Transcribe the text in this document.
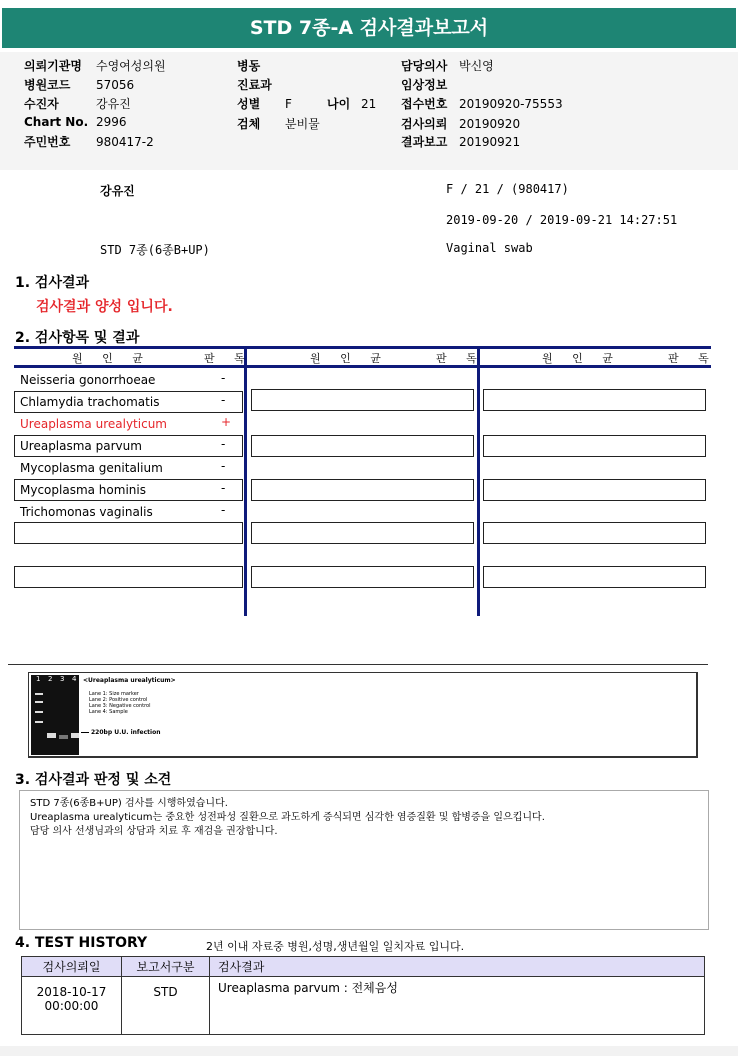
STD 7종-A 검사결과보고서
의뢰기관명 수영여성의원
병원코드 57056
수진자	강유진
Chart No. 2996
주민번호 980417-2
병동
진료과
성별 F	나이 21
검체 분비물
담당의사 박신영
임상정보
접수번호 20190920-75553
검사의뢰 20190920
결과보고 20190921
강유진	F / 21 / (980417)
2019-09-20 / 2019-09-21 14:27:51
STD 7종(6종B+UP)	Vaginal swab
1. 검사결과
검사결과 양성 입니다.
2. 검사항목 및 결과
원 인 균	판 독	원 인 균	판 독	원 인 균	판 독
Neisseria gonorrhoeae	-
Chlamydia trachomatis	-
Ureaplasma urealyticum	+
Ureaplasma parvum	-
Mycoplasma genitalium	-
Mycoplasma hominis	-
Trichomonas vaginalis	-
1 2 3 4 <Ureaplasma urealyticum>
Lane 1: Size marker
Lane 2: Positive control
Lane 3: Negative control
Lane 4: Sample
220bp U.U. infection
3. 검사결과 판정 및 소견
STD 7종(6종B+UP) 검사를 시행하였습니다.
Ureaplasma urealyticum는 중요한 성전파성 질환으로 과도하게 증식되면 심각한 염증질환 및 합병증을 일으킵니다.
담당 의사 선생님과의 상담과 치료 후 재검을 권장합니다.
4. TEST HISTORY	2년 이내 자료중 병원,성명,생년월일 일치자료 입니다.
검사의뢰일	보고서구분	검사결과

2018-10-17
00:00:00	STD	Ureaplasma parvum : 전체음성
